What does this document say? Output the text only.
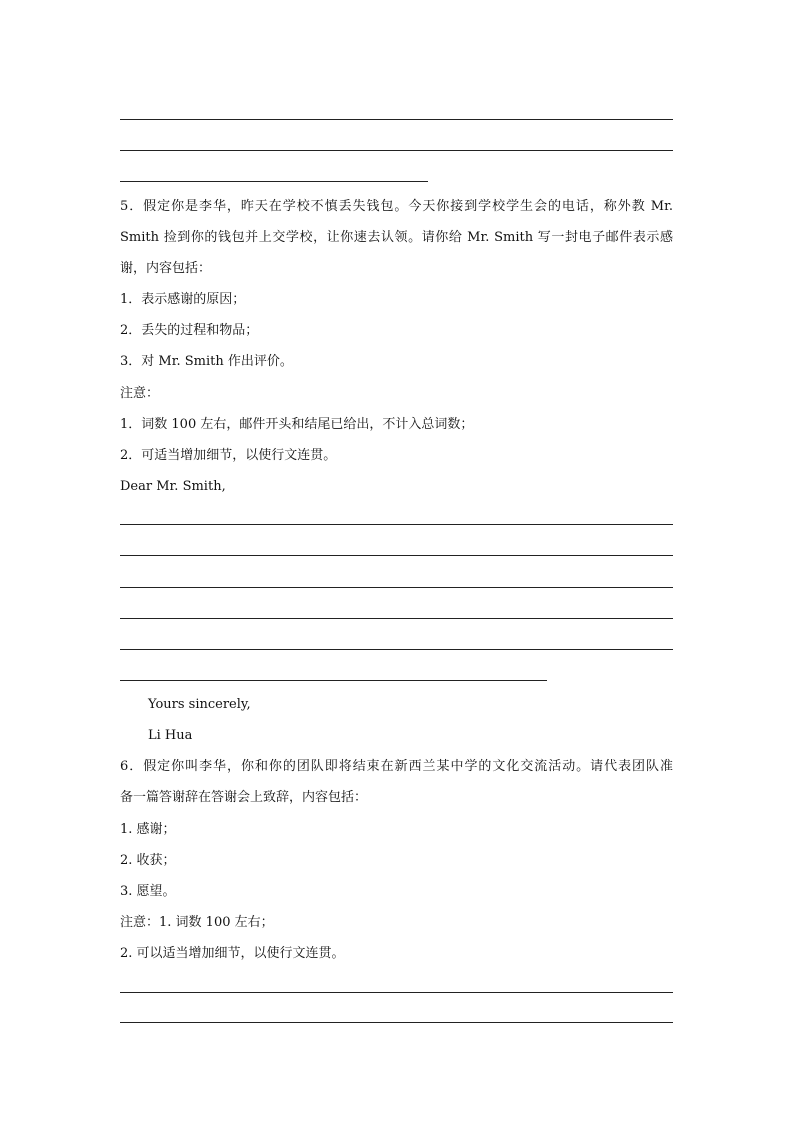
5．假定你是李华，昨天在学校不慎丢失钱包。今天你接到学校学生会的电话，称外教 Mr.
Smith 捡到你的钱包并上交学校，让你速去认领。请你给 Mr. Smith 写一封电子邮件表示感
谢，内容包括：
1．表示感谢的原因；
2．丢失的过程和物品；
3．对 Mr. Smith 作出评价。
注意：
1．词数 100 左右，邮件开头和结尾已给出，不计入总词数；
2．可适当增加细节，以使行文连贯。
Dear Mr. Smith,
Yours sincerely,
Li Hua
6．假定你叫李华，你和你的团队即将结束在新西兰某中学的文化交流活动。请代表团队准
备一篇答谢辞在答谢会上致辞，内容包括：
1. 感谢；
2. 收获；
3. 愿望。
注意：1. 词数 100 左右；
2. 可以适当增加细节，以使行文连贯。
